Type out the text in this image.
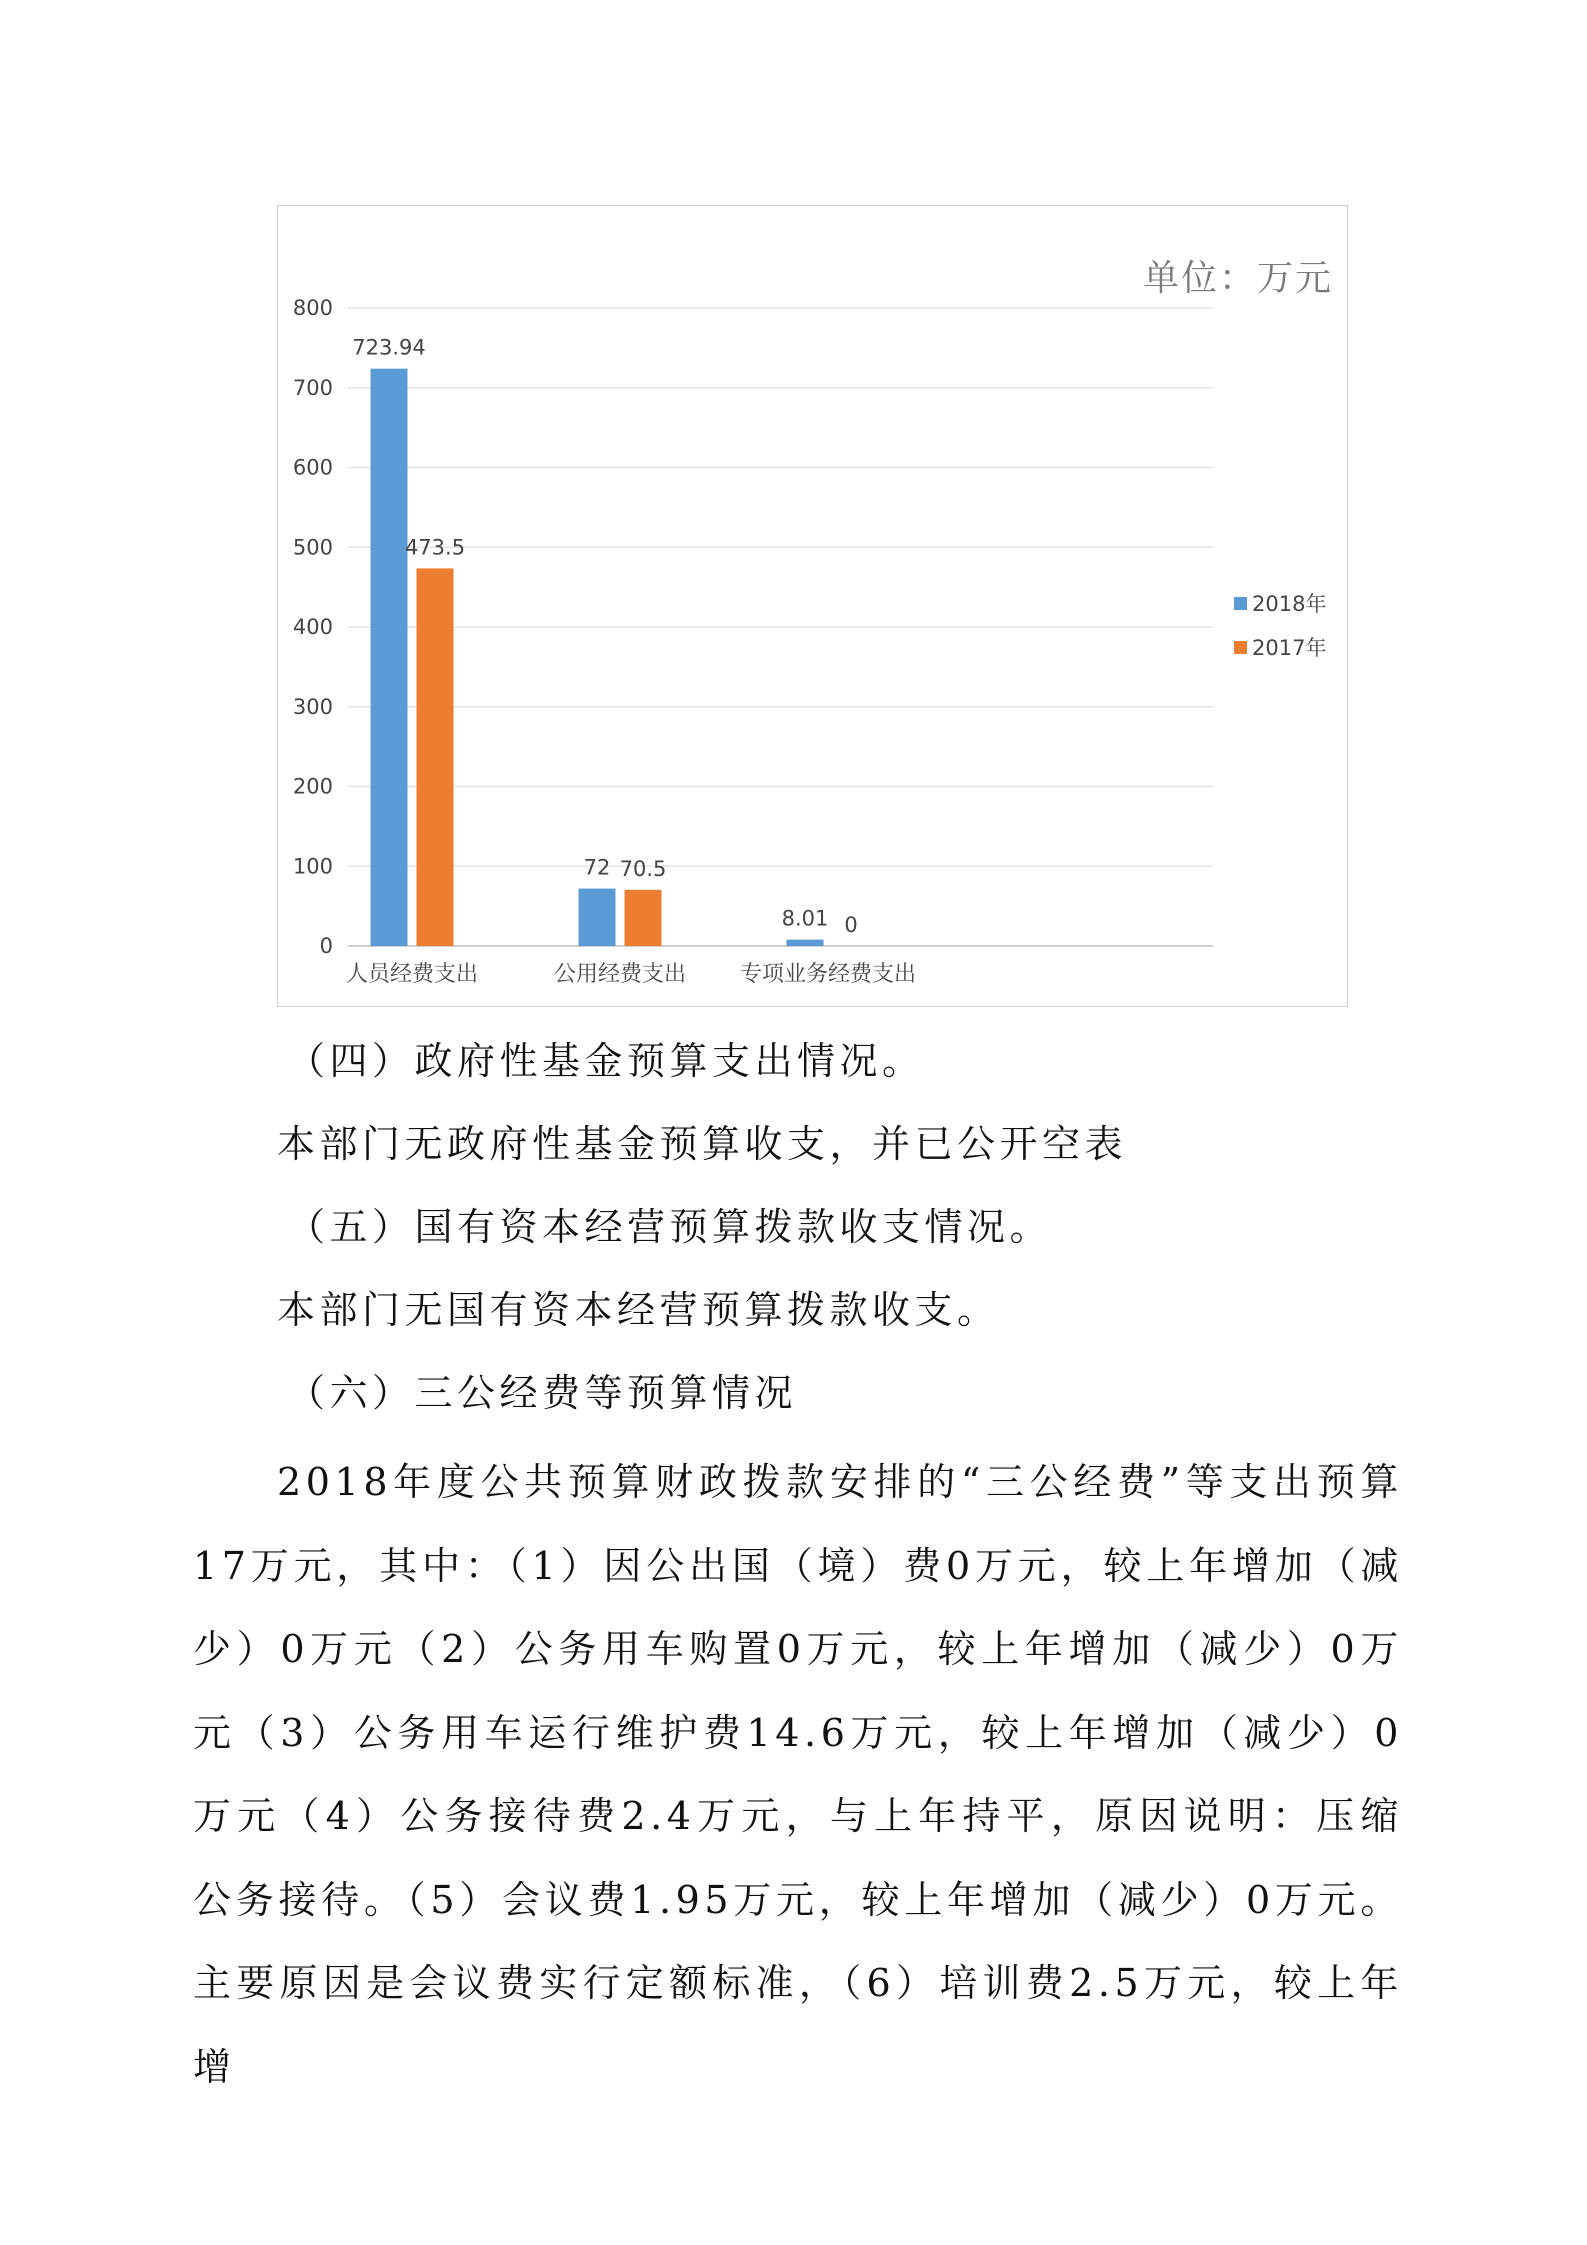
0
100
200
300
400
500
600
700
800
723.94
473.5
人员经费支出
72 70.5
公用经费支出
8.01 0
专项业务经费支出
单位：万元
2018年
2017年
（四）政府性基金预算支出情况。
本部门无政府性基金预算收支，并已公开空表
（五）国有资本经营预算拨款收支情况。
本部门无国有资本经营预算拨款收支。
（六）三公经费等预算情况
2018年度公共预算财政拨款安排的“三公经费”等支出预算17万元，其中：（1）因公出国（境）费0万元，较上年增加（减少）0万元（2）公务用车购置0万元，较上年增加（减少）0万元（3）公务用车运行维护费14.6万元，较上年增加（减少）0万元（4）公务接待费2.4万元，与上年持平，原因说明：压缩公务接待。（5）会议费1.95万元，较上年增加（减少）0万元。主要原因是会议费实行定额标准，（6）培训费2.5万元，较上年增
